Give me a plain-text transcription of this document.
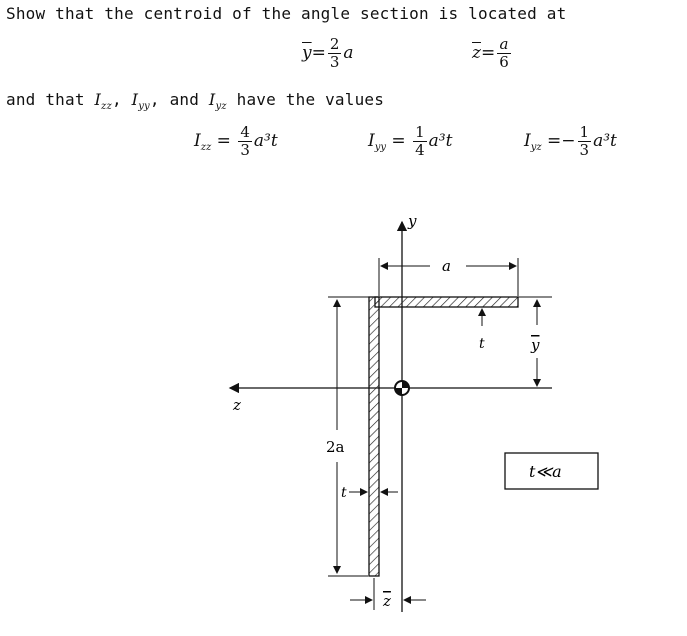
Show that the centroid of the angle section is located at
$\overline{y}= \frac{2}{3}$ a	$\overline{z}= \frac{a}{6}$
and that $I_{zz}$, $I_{yy}$, and $I_{yz}$ have the values
$I_{zz} = \frac{4}{3} a^3t$	$I_{yy} = \frac{1}{4} a^3t$	$I_{yz} =- \frac{1}{3} a^3t$
y
z
a
t	y
2a
t
z
t≪a
